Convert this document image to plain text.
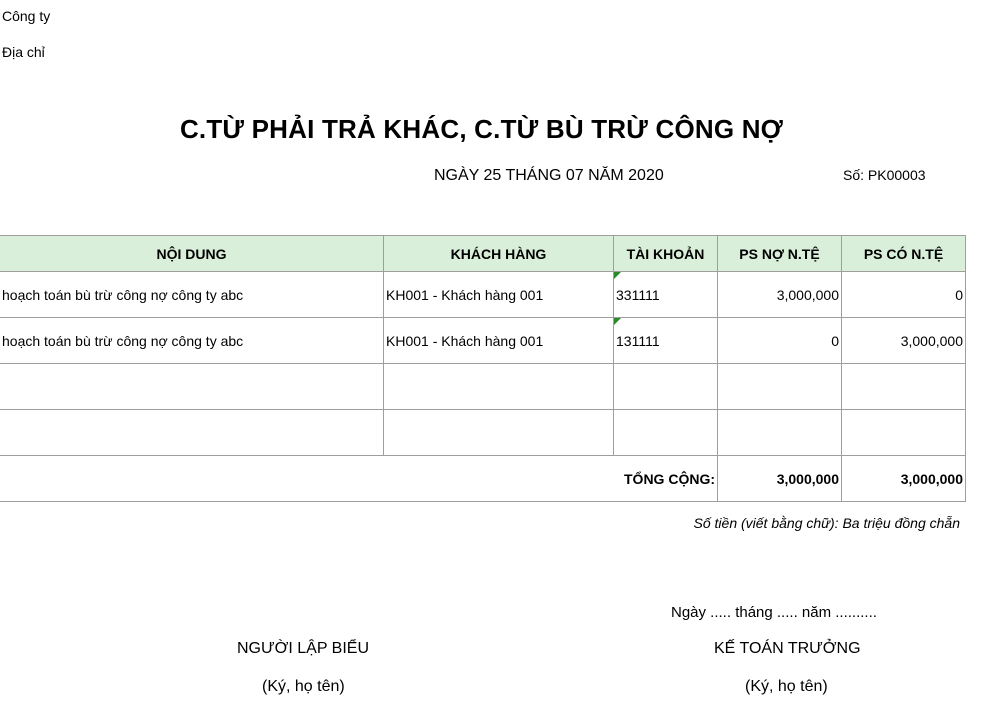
Công ty
Địa chỉ
C.TỪ PHẢI TRẢ KHÁC, C.TỪ BÙ TRỪ CÔNG NỢ
NGÀY 25 THÁNG 07 NĂM 2020	Số: PK00003
NỘI DUNG	KHÁCH HÀNG	TÀI KHOẢN	PS NỢ N.TỆ	PS CÓ N.TỆ
hoạch toán bù trừ công nợ công ty abc	KH001 - Khách hàng 001	331111	3,000,000	0
hoạch toán bù trừ công nợ công ty abc	KH001 - Khách hàng 001	131111	0	3,000,000

TỔNG CỘNG:			3,000,000	3,000,000
Số tiền (viết bằng chữ): Ba triệu đồng chẵn
Ngày ..... tháng ..... năm ..........
NGƯỜI LẬP BIỂU	KẾ TOÁN TRƯỞNG
(Ký, họ tên)	(Ký, họ tên)
